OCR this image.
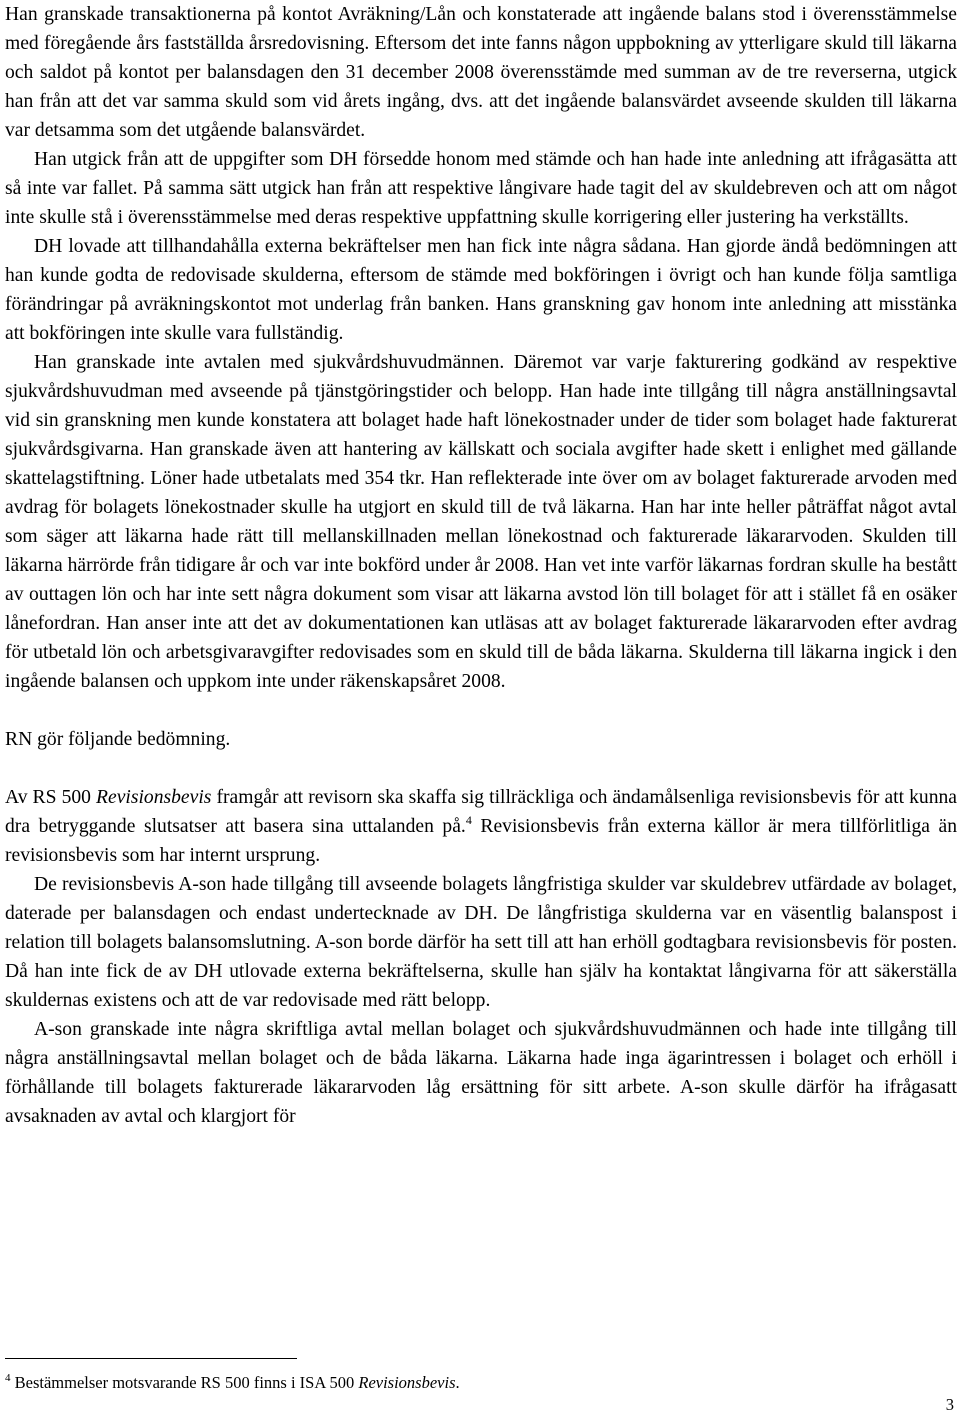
Han granskade transaktionerna på kontot Avräkning/Lån och konstaterade att ingående balans stod i överensstämmelse med föregående års fastställda årsredovisning. Eftersom det inte fanns någon uppbokning av ytterligare skuld till läkarna och saldot på kontot per balansdagen den 31 december 2008 överensstämde med summan av de tre reverserna, utgick han från att det var samma skuld som vid årets ingång, dvs. att det ingående balansvärdet avseende skulden till läkarna var detsamma som det utgående balansvärdet.

Han utgick från att de uppgifter som DH försedde honom med stämde och han hade inte anledning att ifrågasätta att så inte var fallet. På samma sätt utgick han från att respektive långivare hade tagit del av skuldebreven och att om något inte skulle stå i överensstämmelse med deras respektive uppfattning skulle korrigering eller justering ha verkställts.

DH lovade att tillhandahålla externa bekräftelser men han fick inte några sådana. Han gjorde ändå bedömningen att han kunde godta de redovisade skulderna, eftersom de stämde med bokföringen i övrigt och han kunde följa samtliga förändringar på avräkningskontot mot underlag från banken. Hans granskning gav honom inte anledning att misstänka att bokföringen inte skulle vara fullständig.

Han granskade inte avtalen med sjukvårdshuvudmännen. Däremot var varje fakturering godkänd av respektive sjukvårdshuvudman med avseende på tjänstgöringstider och belopp. Han hade inte tillgång till några anställningsavtal vid sin granskning men kunde konstatera att bolaget hade haft lönekostnader under de tider som bolaget hade fakturerat sjukvårdsgivarna. Han granskade även att hantering av källskatt och sociala avgifter hade skett i enlighet med gällande skattelagstiftning. Löner hade utbetalats med 354 tkr. Han reflekterade inte över om av bolaget fakturerade arvoden med avdrag för bolagets lönekostnader skulle ha utgjort en skuld till de två läkarna. Han har inte heller påträffat något avtal som säger att läkarna hade rätt till mellanskillnaden mellan lönekostnad och fakturerade läkararvoden. Skulden till läkarna härrörde från tidigare år och var inte bokförd under år 2008. Han vet inte varför läkarnas fordran skulle ha bestått av outtagen lön och har inte sett några dokument som visar att läkarna avstod lön till bolaget för att i stället få en osäker lånefordran. Han anser inte att det av dokumentationen kan utläsas att av bolaget fakturerade läkararvoden efter avdrag för utbetald lön och arbetsgivaravgifter redovisades som en skuld till de båda läkarna. Skulderna till läkarna ingick i den ingående balansen och uppkom inte under räkenskapsåret 2008.

RN gör följande bedömning.

Av RS 500 Revisionsbevis framgår att revisorn ska skaffa sig tillräckliga och ändamålsenliga revisionsbevis för att kunna dra betryggande slutsatser att basera sina uttalanden på.$^4$ Revisionsbevis från externa källor är mera tillförlitliga än revisionsbevis som har internt ursprung.

De revisionsbevis A-son hade tillgång till avseende bolagets långfristiga skulder var skuldebrev utfärdade av bolaget, daterade per balansdagen och endast undertecknade av DH. De långfristiga skulderna var en väsentlig balanspost i relation till bolagets balansomslutning. A-son borde därför ha sett till att han erhöll godtagbara revisionsbevis för posten. Då han inte fick de av DH utlovade externa bekräftelserna, skulle han själv ha kontaktat långivarna för att säkerställa skuldernas existens och att de var redovisade med rätt belopp.

A-son granskade inte några skriftliga avtal mellan bolaget och sjukvårdshuvudmännen och hade inte tillgång till några anställningsavtal mellan bolaget och de båda läkarna. Läkarna hade inga ägarintressen i bolaget och erhöll i förhållande till bolagets fakturerade läkararvoden låg ersättning för sitt arbete. A-son skulle därför ha ifrågasatt avsaknaden av avtal och klargjort för

$^4$ Bestämmelser motsvarande RS 500 finns i ISA 500 Revisionsbevis.
3
